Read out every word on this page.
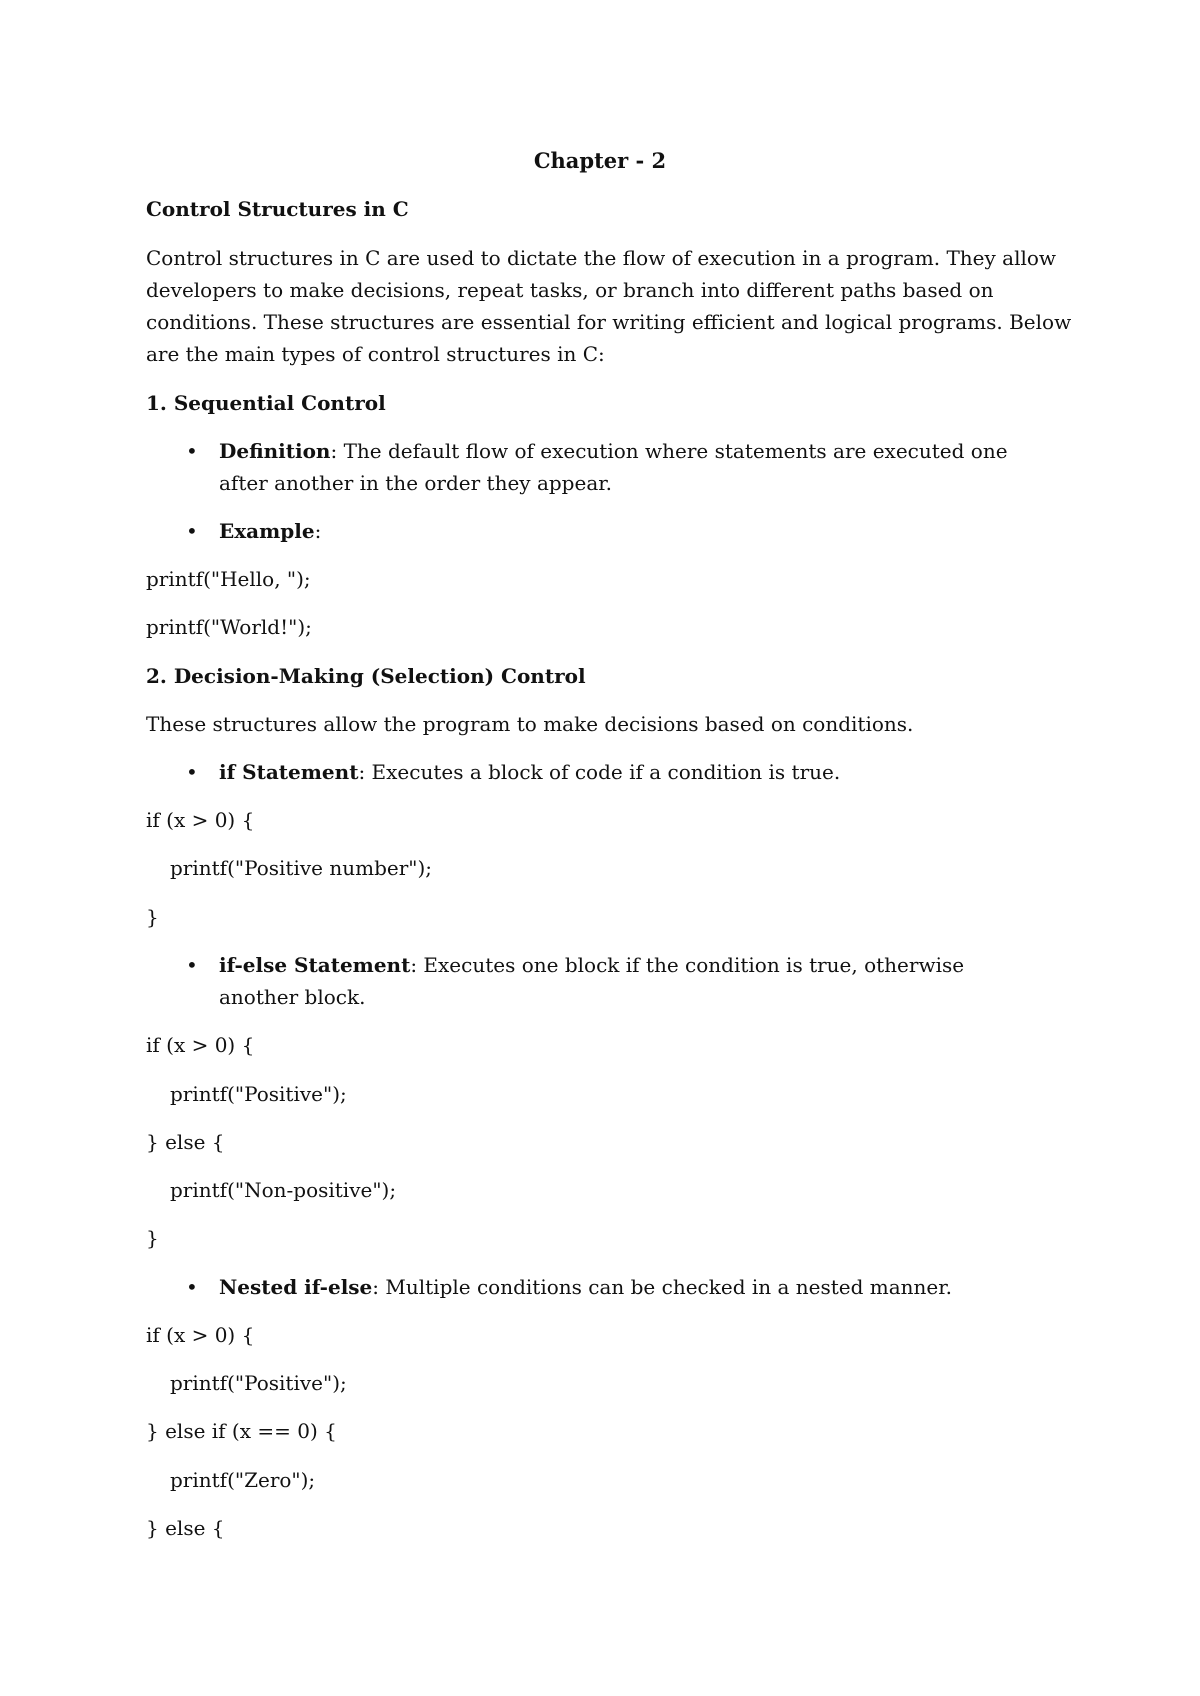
Chapter - 2
Control Structures in C
Control structures in C are used to dictate the flow of execution in a program. They allow developers to make decisions, repeat tasks, or branch into different paths based on conditions. These structures are essential for writing efficient and logical programs. Below are the main types of control structures in C:
1. Sequential Control
• Definition: The default flow of execution where statements are executed one after another in the order they appear.
• Example:
printf("Hello, ");
printf("World!");
2. Decision-Making (Selection) Control
These structures allow the program to make decisions based on conditions.
• if Statement: Executes a block of code if a condition is true.
if (x > 0) {
printf("Positive number");
}
• if-else Statement: Executes one block if the condition is true, otherwise another block.
if (x > 0) {
printf("Positive");
} else {
printf("Non-positive");
}
• Nested if-else: Multiple conditions can be checked in a nested manner.
if (x > 0) {
printf("Positive");
} else if (x == 0) {
printf("Zero");
} else {
